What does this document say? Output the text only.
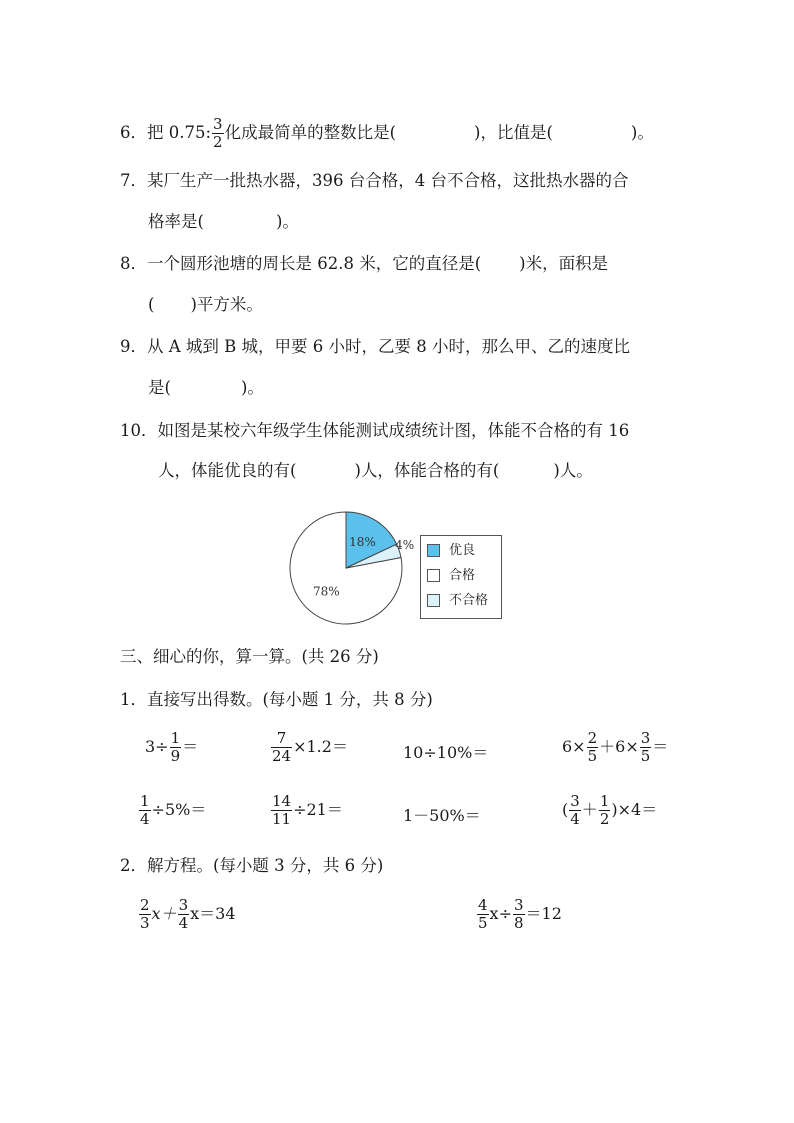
6．把 0.75: $\frac{3}{2}$ 化成最简单的整数比是(	)，比值是(	)。
7．某厂生产一批热水器，396 台合格，4 台不合格，这批热水器的合
格率是(	)。
8．一个圆形池塘的周长是 62.8 米，它的直径是( )米，面积是
( )平方米。
9．从 A 城到 B 城，甲要 6 小时，乙要 8 小时，那么甲、乙的速度比
是(	)。
10．如图是某校六年级学生体能测试成绩统计图，体能不合格的有 16
人，体能优良的有(	)人，体能合格的有(	)人。
78%
18% 4%	优良
合格
不合格
三、细心的你，算一算。(共 26 分)
1．直接写出得数。(每小题 1 分，共 8 分)
$3\div \frac{1}{9}$ ＝	$\frac{7}{24} \times 1.2=$	10÷10%＝	$6\times \frac{2}{5} +6\times \frac{3}{5}$ ＝
$\frac{1}{4} \div 5\%=$	$\frac{14}{11} \div 21=$	1－50%＝	( $\frac{3}{4} + \frac{1}{2} )\times 4=$
2．解方程。(每小题 3 分，共 6 分)
$\frac{2}{3} x+ \frac{3}{4} x=34$	$\frac{4}{5} x\div \frac{3}{8} =12$
